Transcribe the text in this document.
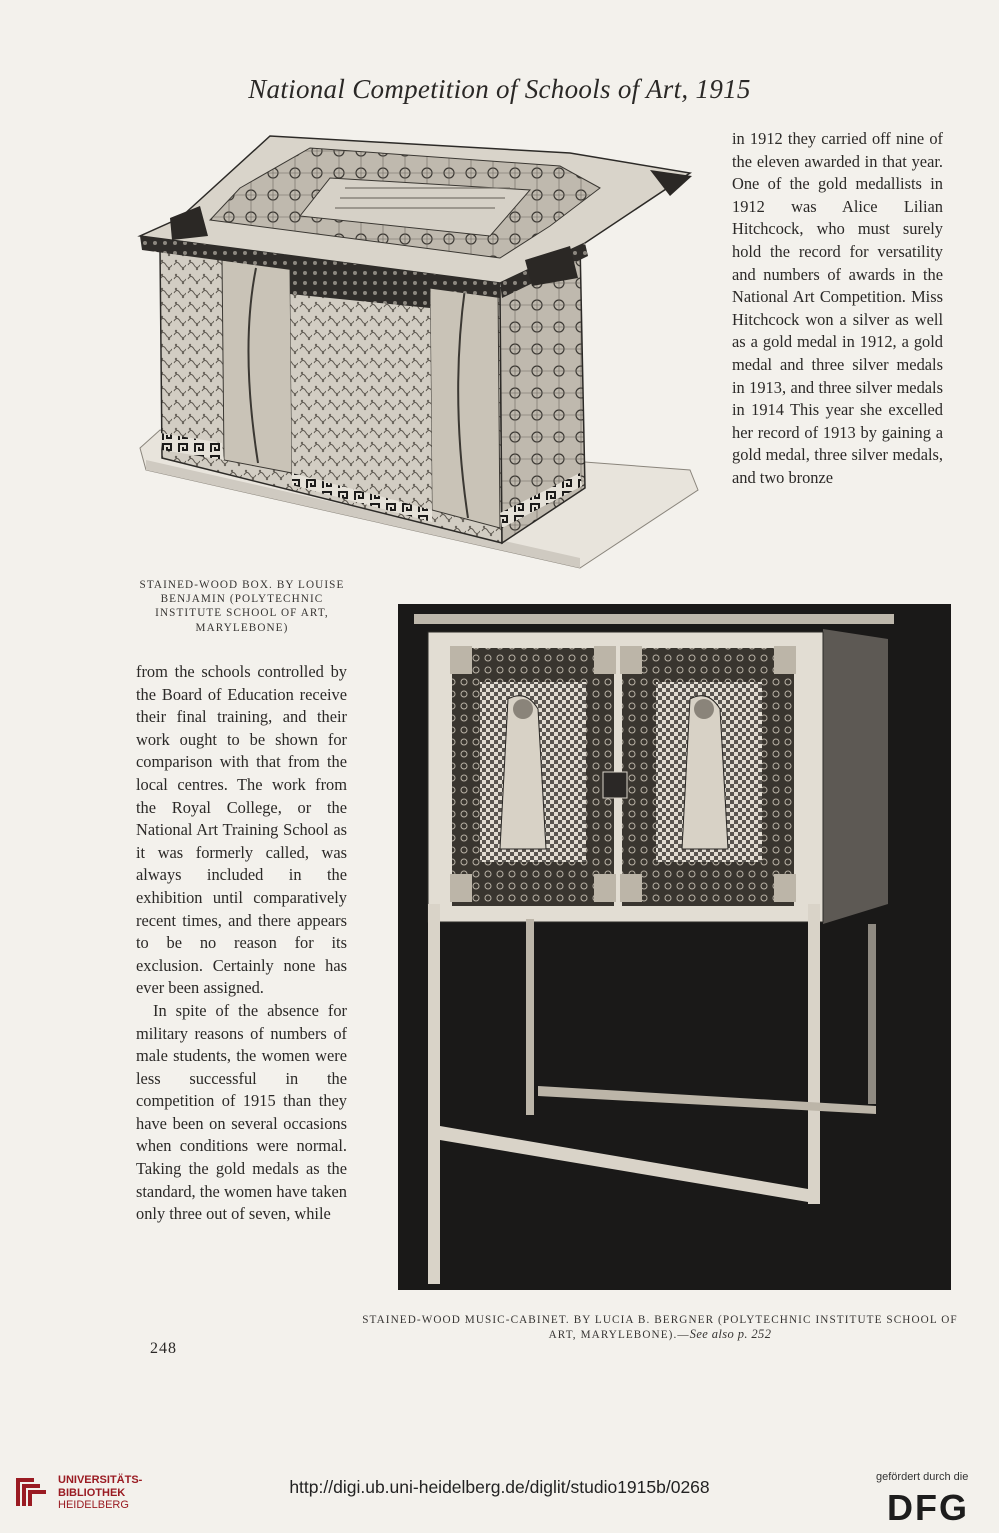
National Competition of Schools of Art, 1915

in 1912 they carried off nine of the eleven awarded in that year. One of the gold medallists in 1912 was Alice Lilian Hitchcock, who must surely hold the record for versatility and numbers of awards in the National Art Competition. Miss Hitchcock won a silver as well as a gold medal in 1912, a gold medal and three silver medals in 1913, and three silver medals in 1914 This year she excelled her record of 1913 by gaining a gold medal, three silver medals, and two bronze

STAINED-WOOD BOX. BY LOUISE BENJAMIN (POLYTECHNIC INSTITUTE SCHOOL OF ART, MARYLEBONE)

from the schools controlled by the Board of Education receive their final training, and their work ought to be shown for comparison with that from the local centres. The work from the Royal College, or the National Art Training School as it was formerly called, was always included in the exhibition until comparatively recent times, and there appears to be no reason for its exclusion. Certainly none has ever been assigned.

In spite of the absence for military reasons of numbers of male students, the women were less successful in the competition of 1915 than they have been on several occasions when conditions were normal. Taking the gold medals as the standard, the women have taken only three out of seven, while

STAINED-WOOD MUSIC-CABINET. BY LUCIA B. BERGNER (POLYTECHNIC INSTITUTE SCHOOL OF ART, MARYLEBONE).—See also p. 252
248
UNIVERSITÄTS-
BIBLIOTHEK
HEIDELBERG
http://digi.ub.uni-heidelberg.de/diglit/studio1915b/0268	gefördert durch die
DFG
